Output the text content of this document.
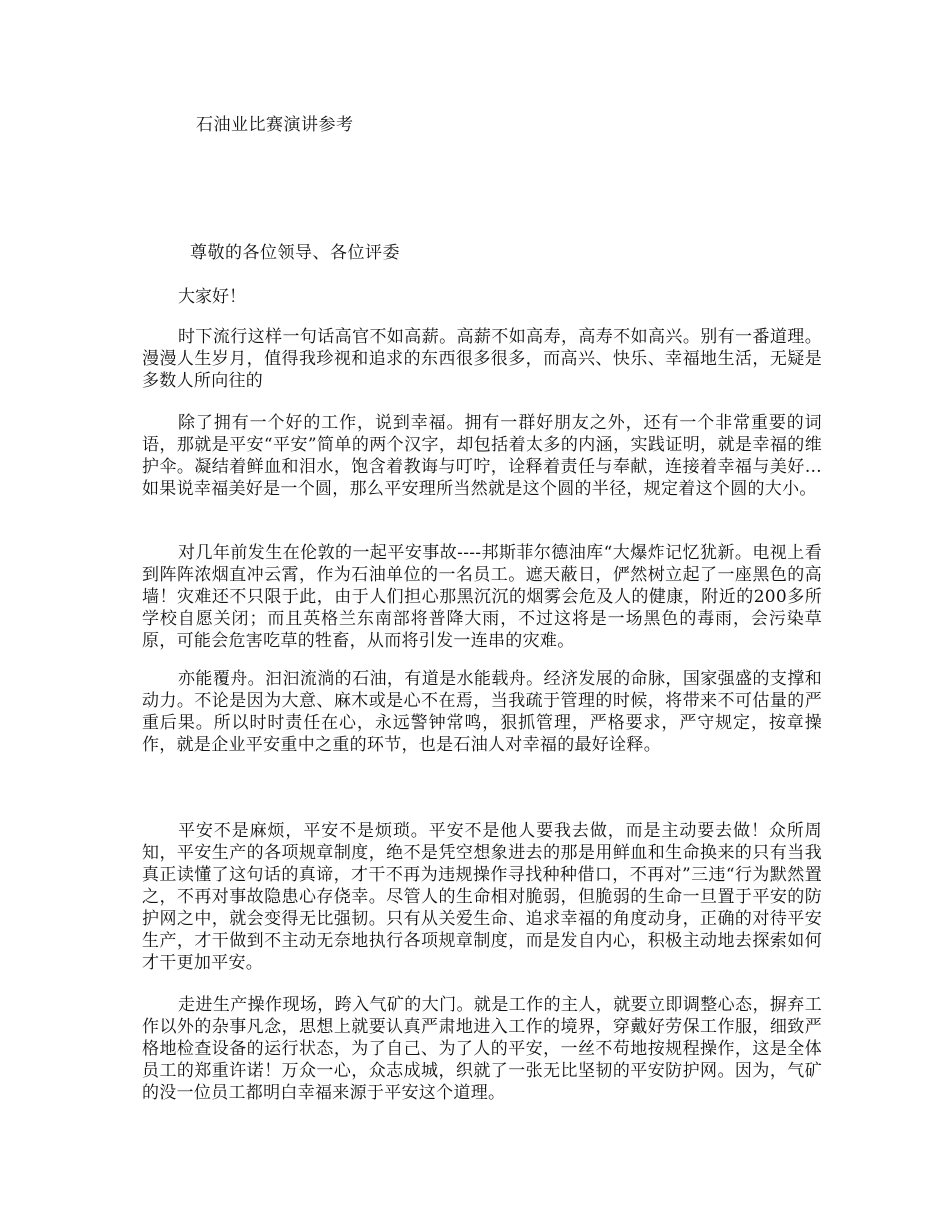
石油业比赛演讲参考
尊敬的各位领导、各位评委
大家好！

时下流行这样一句话高官不如高薪。高薪不如高寿，高寿不如高兴。别有一番道理。漫漫人生岁月，值得我珍视和追求的东西很多很多，而高兴、快乐、幸福地生活，无疑是多数人所向往的

除了拥有一个好的工作，说到幸福。拥有一群好朋友之外，还有一个非常重要的词语，那就是平安“平安”简单的两个汉字，却包括着太多的内涵，实践证明，就是幸福的维护伞。凝结着鲜血和泪水，饱含着教诲与叮咛，诠释着责任与奉献，连接着幸福与美好…如果说幸福美好是一个圆，那么平安理所当然就是这个圆的半径，规定着这个圆的大小。

对几年前发生在伦敦的一起平安事故----邦斯菲尔德油库“大爆炸记忆犹新。电视上看到阵阵浓烟直冲云霄，作为石油单位的一名员工。遮天蔽日，俨然树立起了一座黑色的高墙！灾难还不只限于此，由于人们担心那黑沉沉的烟雾会危及人的健康，附近的200多所学校自愿关闭；而且英格兰东南部将普降大雨，不过这将是一场黑色的毒雨，会污染草原，可能会危害吃草的牲畜，从而将引发一连串的灾难。

亦能覆舟。汩汩流淌的石油，有道是水能载舟。经济发展的命脉，国家强盛的支撑和动力。不论是因为大意、麻木或是心不在焉，当我疏于管理的时候，将带来不可估量的严重后果。所以时时责任在心，永远警钟常鸣，狠抓管理，严格要求，严守规定，按章操作，就是企业平安重中之重的环节，也是石油人对幸福的最好诠释。

平安不是麻烦，平安不是烦琐。平安不是他人要我去做，而是主动要去做！众所周知，平安生产的各项规章制度，绝不是凭空想象进去的那是用鲜血和生命换来的只有当我真正读懂了这句话的真谛，才干不再为违规操作寻找种种借口，不再对”三违“行为默然置之，不再对事故隐患心存侥幸。尽管人的生命相对脆弱，但脆弱的生命一旦置于平安的防护网之中，就会变得无比强韧。只有从关爱生命、追求幸福的角度动身，正确的对待平安生产，才干做到不主动无奈地执行各项规章制度，而是发自内心，积极主动地去探索如何才干更加平安。

走进生产操作现场，跨入气矿的大门。就是工作的主人，就要立即调整心态，摒弃工作以外的杂事凡念，思想上就要认真严肃地进入工作的境界，穿戴好劳保工作服，细致严格地检查设备的运行状态，为了自己、为了人的平安，一丝不苟地按规程操作，这是全体员工的郑重许诺！万众一心，众志成城，织就了一张无比坚韧的平安防护网。因为，气矿的没一位员工都明白幸福来源于平安这个道理。
